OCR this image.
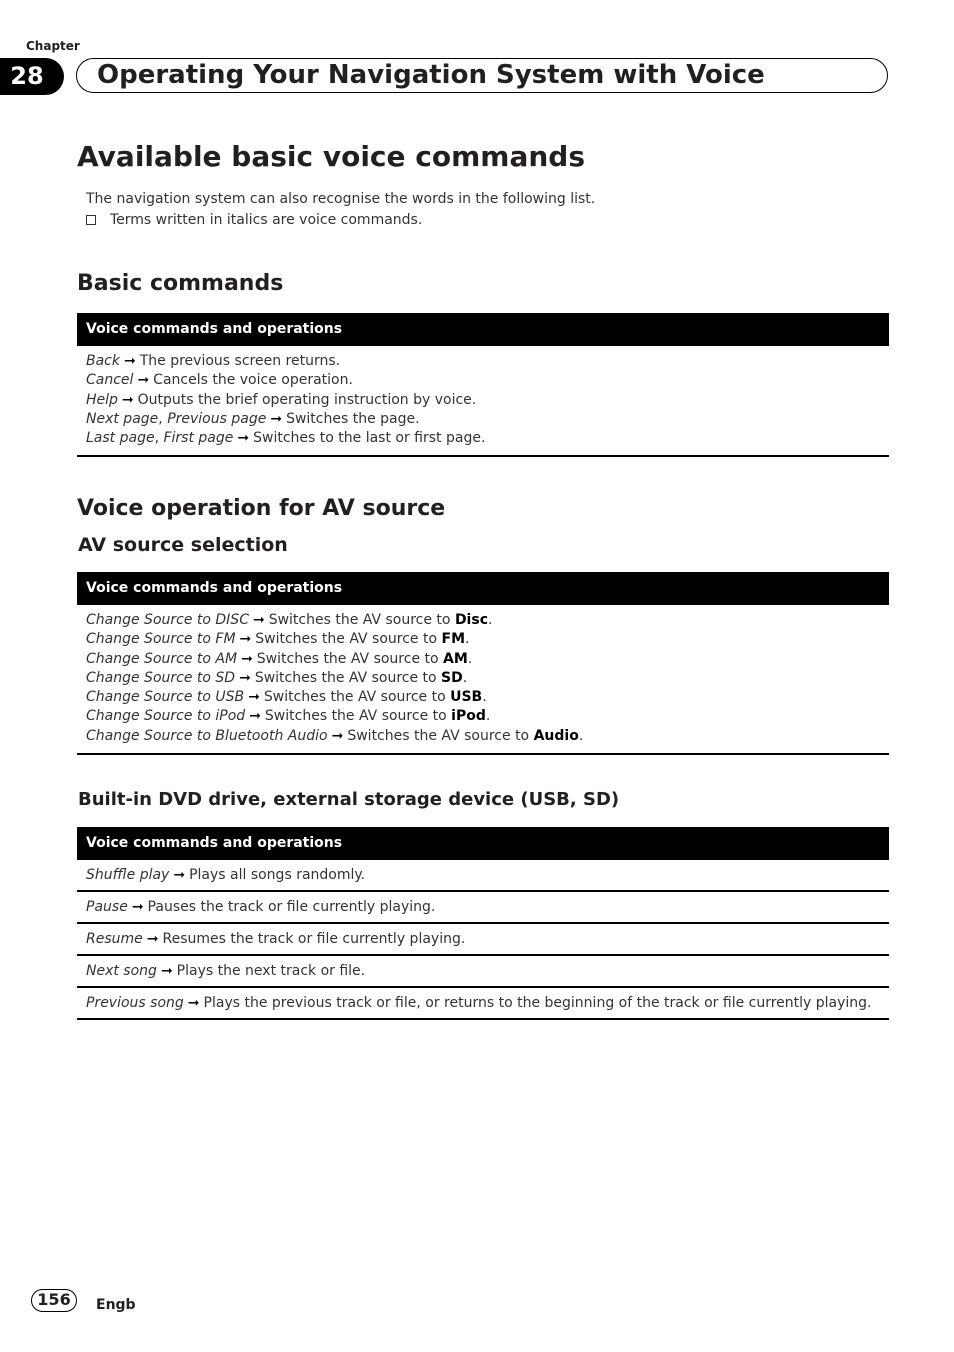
Chapter
28	Operating Your Navigation System with Voice
Available basic voice commands
The navigation system can also recognise the words in the following list.
Terms written in italics are voice commands.
Basic commands
Voice commands and operations
Back ➞ The previous screen returns.
Cancel ➞ Cancels the voice operation.
Help ➞ Outputs the brief operating instruction by voice.
Next page, Previous page ➞ Switches the page.
Last page, First page ➞ Switches to the last or first page.
Voice operation for AV source
AV source selection
Voice commands and operations
Change Source to DISC ➞ Switches the AV source to Disc.
Change Source to FM ➞ Switches the AV source to FM.
Change Source to AM ➞ Switches the AV source to AM.
Change Source to SD ➞ Switches the AV source to SD.
Change Source to USB ➞ Switches the AV source to USB.
Change Source to iPod ➞ Switches the AV source to iPod.
Change Source to Bluetooth Audio ➞ Switches the AV source to Audio.
Built-in DVD drive, external storage device (USB, SD)
Voice commands and operations
Shuffle play ➞ Plays all songs randomly.
Pause ➞ Pauses the track or file currently playing.
Resume ➞ Resumes the track or file currently playing.
Next song ➞ Plays the next track or file.
Previous song ➞ Plays the previous track or file, or returns to the beginning of the track or file currently playing.
156	Engb
